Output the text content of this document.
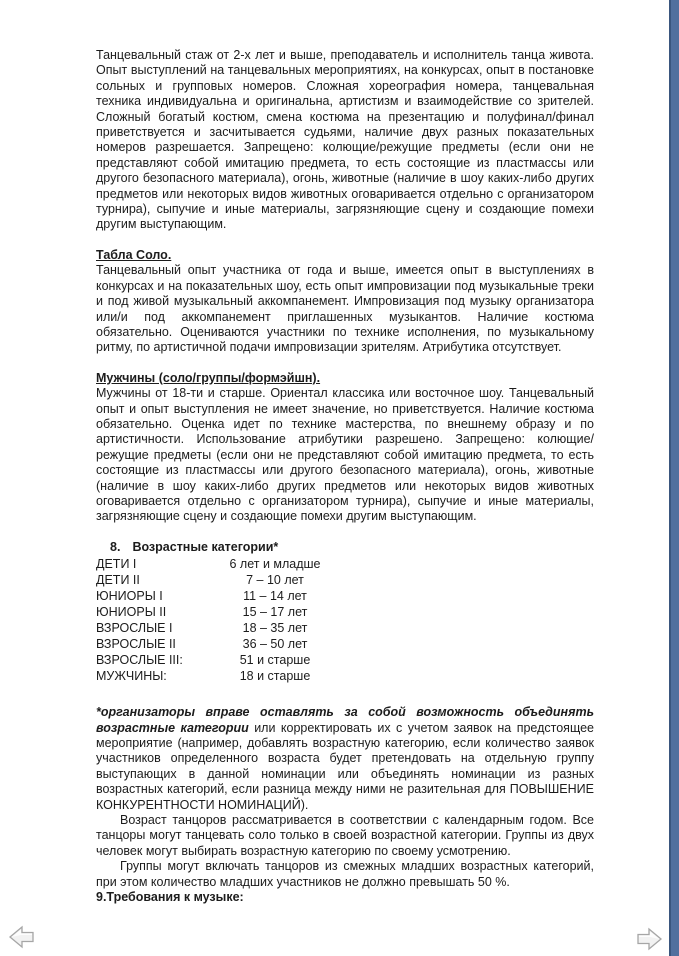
Танцевальный стаж от 2-х лет и выше, преподаватель и исполнитель танца живота. Опыт выступлений на танцевальных мероприятиях, на конкурсах, опыт в постановке сольных и групповых номеров. Сложная хореография номера, танцевальная техника индивидуальна и оригинальна, артистизм и взаимодействие со зрителей. Сложный богатый костюм, смена костюма на презентацию и полуфинал/финал приветствуется и засчитывается судьями, наличие двух разных показательных номеров разрешается. Запрещено: колющие/режущие предметы (если они не представляют собой имитацию предмета, то есть состоящие из пластмассы или другого безопасного материала), огонь, животные (наличие в шоу каких-либо других предметов или некоторых видов животных оговаривается отдельно с организатором турнира), сыпучие и иные материалы, загрязняющие сцену и создающие помехи другим выступающим.

Табла Соло.

Танцевальный опыт участника от года и выше, имеется опыт в выступлениях в конкурсах и на показательных шоу, есть опыт импровизации под музыкальные треки и под живой музыкальный аккомпанемент. Импровизация под музыку организатора или/и под аккомпанемент приглашенных музыкантов. Наличие костюма обязательно. Оцениваются участники по технике исполнения, по музыкальному ритму, по артистичной подачи импровизации зрителям. Атрибутика отсутствует.

Мужчины (соло/группы/формэйшн).

Мужчины от 18-ти и старше. Ориентал классика или восточное шоу. Танцевальный опыт и опыт выступления не имеет значение, но приветствуется. Наличие костюма обязательно. Оценка идет по технике мастерства, по внешнему образу и по артистичности. Использование атрибутики разрешено. Запрещено: колющие/режущие предметы (если они не представляют собой имитацию предмета, то есть состоящие из пластмассы или другого безопасного материала), огонь, животные (наличие в шоу каких-либо других предметов или некоторых видов животных оговаривается отдельно с организатором турнира), сыпучие и иные материалы, загрязняющие сцену и создающие помехи другим выступающим.

8. Возрастные категории*
ДЕТИ I	6 лет и младше
ДЕТИ II	7 – 10 лет
ЮНИОРЫ I	11 – 14 лет
ЮНИОРЫ II	15 – 17 лет
ВЗРОСЛЫЕ I	18 – 35 лет
ВЗРОСЛЫЕ II	36 – 50 лет
ВЗРОСЛЫЕ III:	51 и старше
МУЖЧИНЫ:	18 и старше

*организаторы вправе оставлять за собой возможность объединять возрастные категории или корректировать их с учетом заявок на предстоящее мероприятие (например, добавлять возрастную категорию, если количество заявок участников определенного возраста будет претендовать на отдельную группу выступающих в данной номинации или объединять номинации из разных возрастных категорий, если разница между ними не разительная для ПОВЫШЕНИЕ КОНКУРЕНТНОСТИ НОМИНАЦИЙ).

Возраст танцоров рассматривается в соответствии с календарным годом. Все танцоры могут танцевать соло только в своей возрастной категории. Группы из двух человек могут выбирать возрастную категорию по своему усмотрению.

Группы могут включать танцоров из смежных младших возрастных категорий, при этом количество младших участников не должно превышать 50 %.

9.Требования к музыке:
